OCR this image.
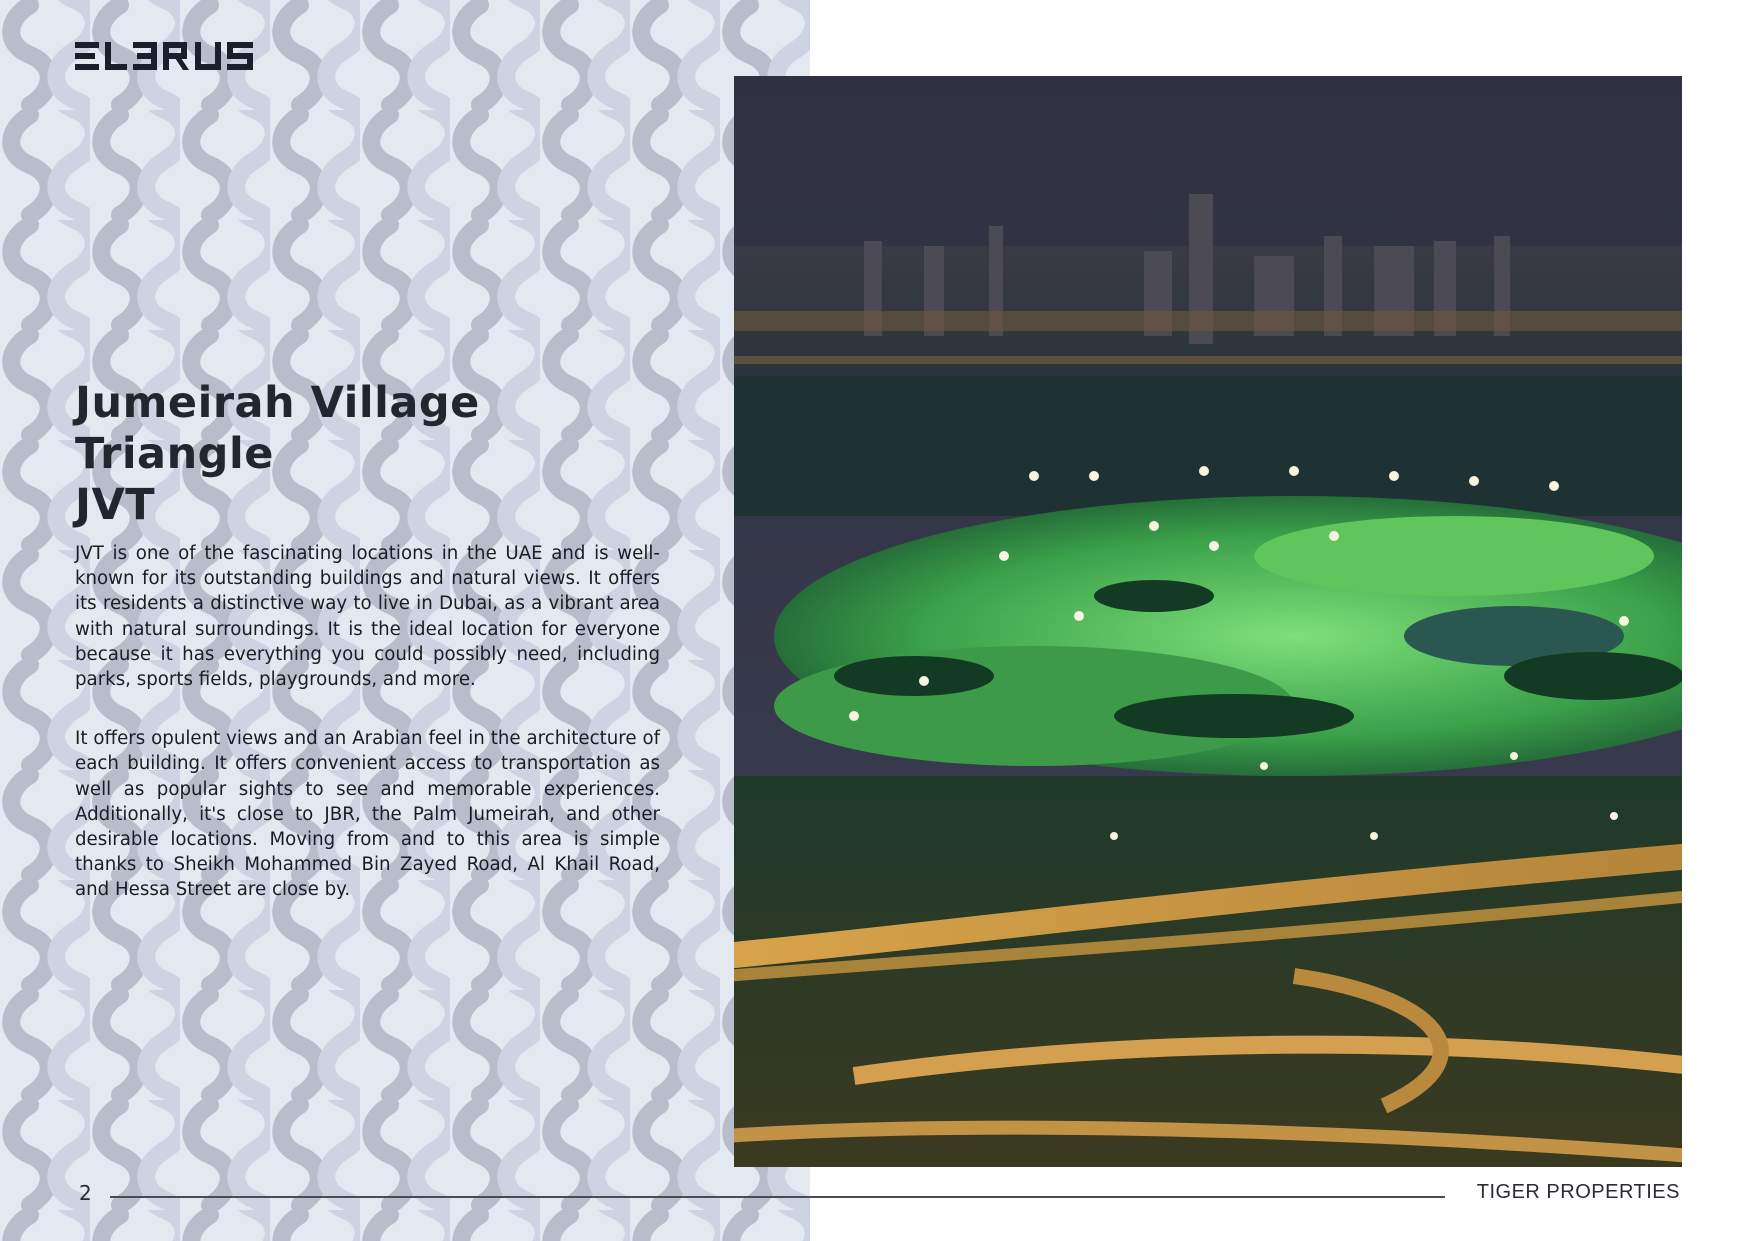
Jumeirah Village Triangle
JVT

JVT is one of the fascinating locations in the UAE and is well-known for its outstanding buildings and natural views. It offers its residents a distinctive way to live in Dubai, as a vibrant area with natural surroundings. It is the ideal location for everyone because it has everything you could possibly need, including parks, sports fields, playgrounds, and more.

It offers opulent views and an Arabian feel in the architecture of each building. It offers convenient access to transportation as well as popular sights to see and memorable experiences. Additionally, it's close to JBR, the Palm Jumeirah, and other desirable locations. Moving from and to this area is simple thanks to Sheikh Mohammed Bin Zayed Road, Al Khail Road, and Hessa Street are close by.

2	TIGER PROPERTIES
